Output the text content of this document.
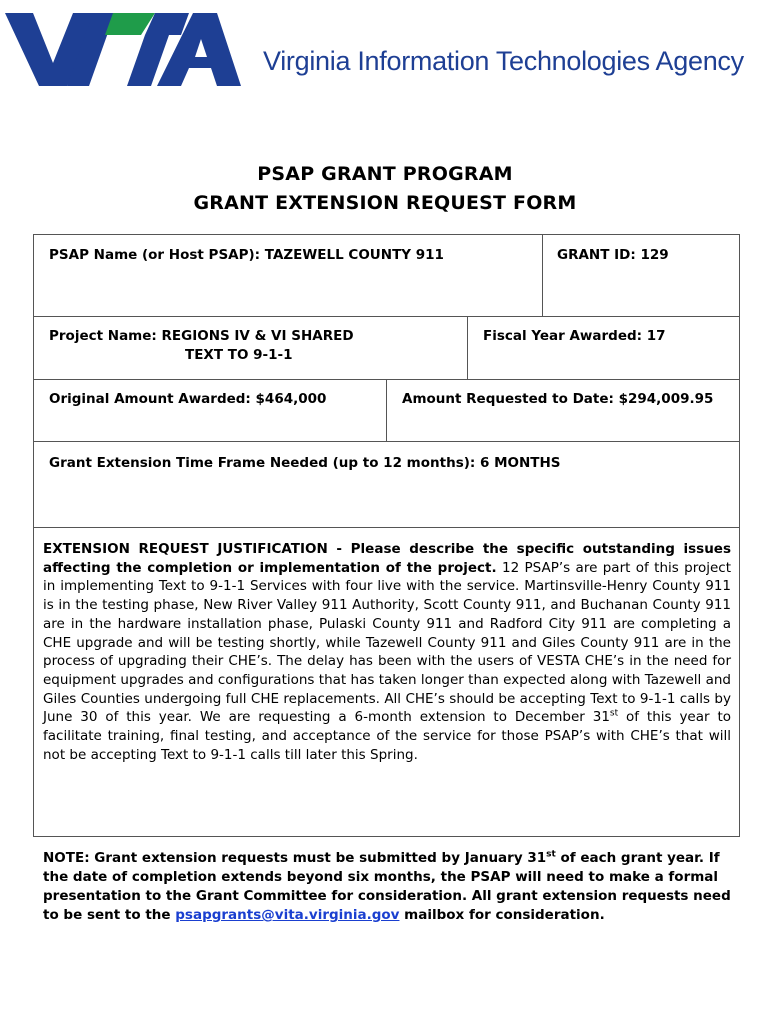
Virginia Information Technologies Agency
PSAP GRANT PROGRAM
GRANT EXTENSION REQUEST FORM
PSAP Name (or Host PSAP): TAZEWELL COUNTY 911	GRANT ID: 129
Project Name: REGIONS IV & VI SHARED
TEXT TO 9-1-1
Fiscal Year Awarded: 17
Original Amount Awarded: $464,000	Amount Requested to Date: $294,009.95
Grant Extension Time Frame Needed (up to 12 months): 6 MONTHS
EXTENSION REQUEST JUSTIFICATION - Please describe the specific outstanding issues affecting the completion or implementation of the project. 12 PSAP’s are part of this project in implementing Text to 9-1-1 Services with four live with the service. Martinsville-Henry County 911 is in the testing phase, New River Valley 911 Authority, Scott County 911, and Buchanan County 911 are in the hardware installation phase, Pulaski County 911 and Radford City 911 are completing a CHE upgrade and will be testing shortly, while Tazewell County 911 and Giles County 911 are in the process of upgrading their CHE’s. The delay has been with the users of VESTA CHE’s in the need for equipment upgrades and configurations that has taken longer than expected along with Tazewell and Giles Counties undergoing full CHE replacements. All CHE’s should be accepting Text to 9-1-1 calls by June 30 of this year. We are requesting a 6-month extension to December 31st of this year to facilitate training, final testing, and acceptance of the service for those PSAP’s with CHE’s that will not be accepting Text to 9-1-1 calls till later this Spring.
NOTE: Grant extension requests must be submitted by January 31st of each grant year. If the date of completion extends beyond six months, the PSAP will need to make a formal presentation to the Grant Committee for consideration. All grant extension requests need to be sent to the psapgrants@vita.virginia.gov mailbox for consideration.
